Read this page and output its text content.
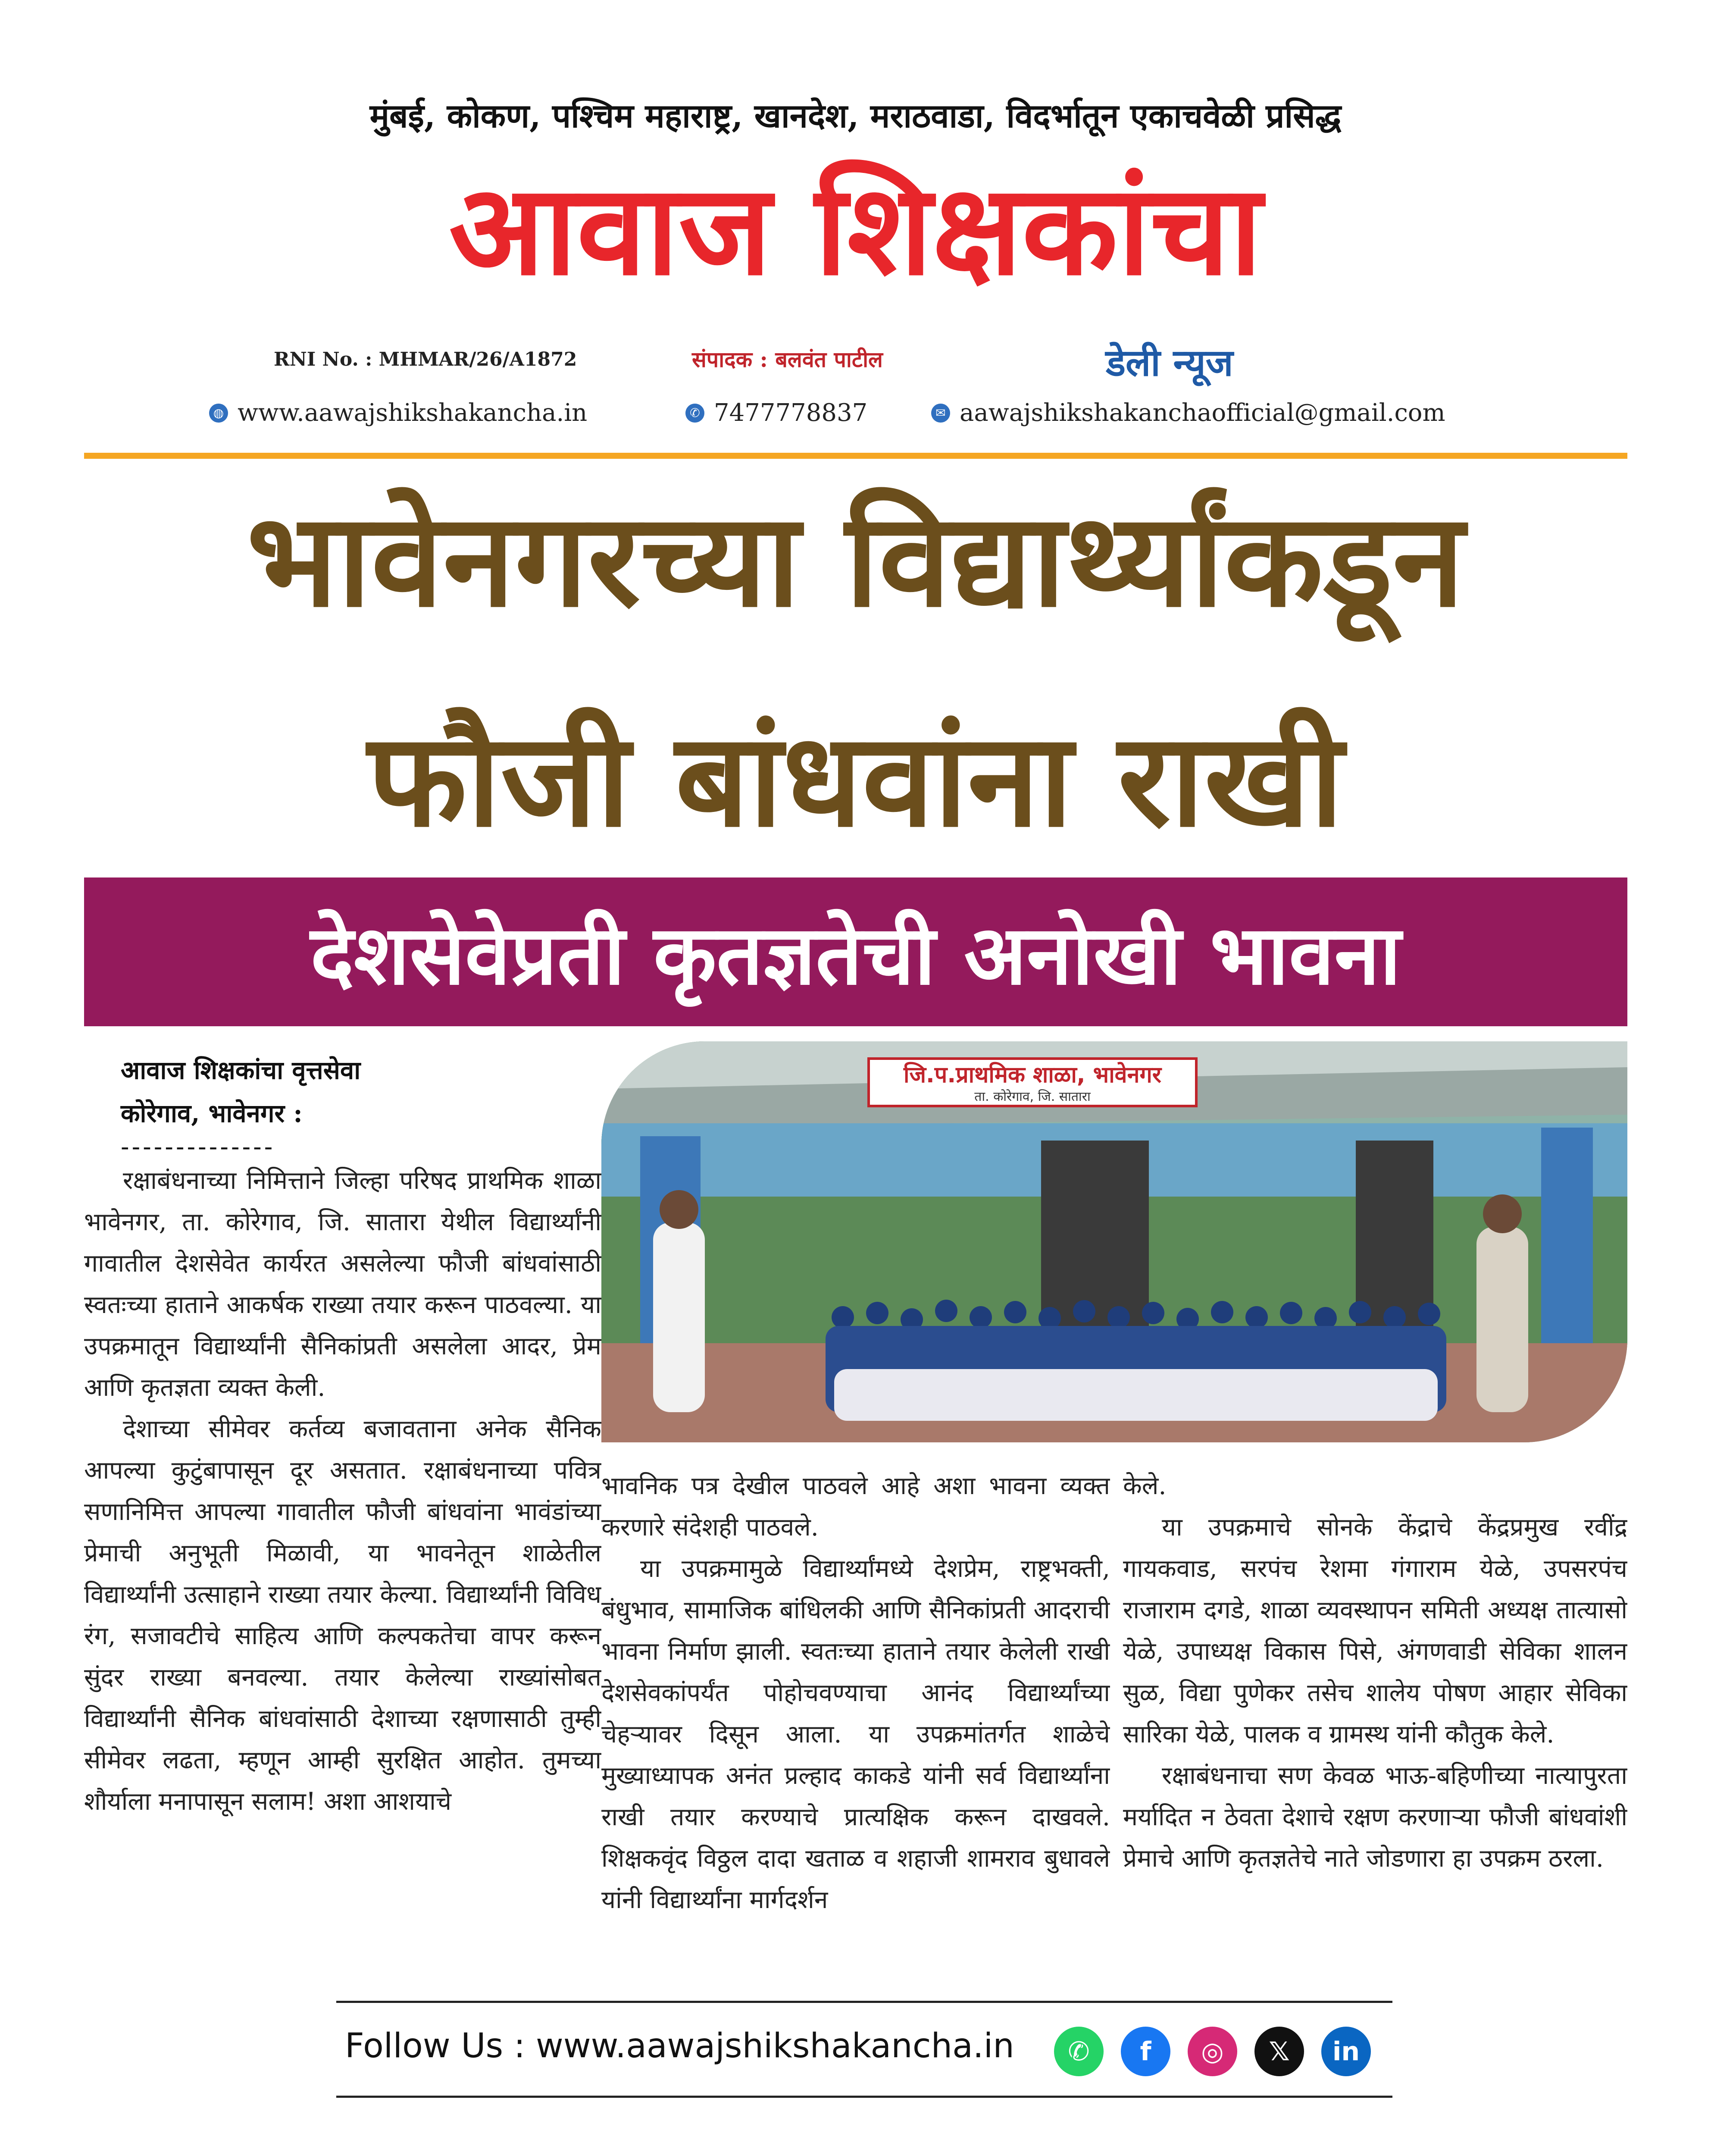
मुंबई, कोकण, पश्चिम महाराष्ट्र, खानदेश, मराठवाडा, विदर्भातून एकाचवेळी प्रसिद्ध
आवाज शिक्षकांचा
RNI No. : MHMAR/26/A1872	संपादक : बलवंत पाटील	डेली न्यूज
◍ www.aawajshikshakancha.in	✆ 7477778837	✉ aawajshikshakanchaofficial@gmail.com
भावेनगरच्या विद्यार्थ्यांकडून
फौजी बांधवांना राखी
देशसेवेप्रती कृतज्ञतेची अनोखी भावना
आवाज शिक्षकांचा वृत्तसेवा
कोरेगाव, भावेनगर :
--------------
जि.प.प्राथमिक शाळा, भावेनगर
ता. कोरेगाव, जि. सातारा

रक्षाबंधनाच्या निमित्ताने जिल्हा परिषद प्राथमिक शाळा भावेनगर, ता. कोरेगाव, जि. सातारा येथील विद्यार्थ्यांनी गावातील देशसेवेत कार्यरत असलेल्या फौजी बांधवांसाठी स्वतःच्या हाताने आकर्षक राख्या तयार करून पाठवल्या. या उपक्रमातून विद्यार्थ्यांनी सैनिकांप्रती असलेला आदर, प्रेम आणि कृतज्ञता व्यक्त केली.

देशाच्या सीमेवर कर्तव्य बजावताना अनेक सैनिक आपल्या कुटुंबापासून दूर असतात. रक्षाबंधनाच्या पवित्र सणानिमित्त आपल्या गावातील फौजी बांधवांना भावंडांच्या प्रेमाची अनुभूती मिळावी, या भावनेतून शाळेतील विद्यार्थ्यांनी उत्साहाने राख्या तयार केल्या. विद्यार्थ्यांनी विविध रंग, सजावटीचे साहित्य आणि कल्पकतेचा वापर करून सुंदर राख्या बनवल्या. तयार केलेल्या राख्यांसोबत विद्यार्थ्यांनी सैनिक बांधवांसाठी देशाच्या रक्षणासाठी तुम्ही सीमेवर लढता, म्हणून आम्ही सुरक्षित आहोत. तुमच्या शौर्याला मनापासून सलाम! अशा आशयाचे

भावनिक पत्र देखील पाठवले आहे अशा भावना व्यक्त करणारे संदेशही पाठवले.

या उपक्रमामुळे विद्यार्थ्यांमध्ये देशप्रेम, राष्ट्रभक्ती, बंधुभाव, सामाजिक बांधिलकी आणि सैनिकांप्रती आदराची भावना निर्माण झाली. स्वतःच्या हाताने तयार केलेली राखी देशसेवकांपर्यंत पोहोचवण्याचा आनंद विद्यार्थ्यांच्या चेहऱ्यावर दिसून आला. या उपक्रमांतर्गत शाळेचे मुख्याध्यापक अनंत प्रल्हाद काकडे यांनी सर्व विद्यार्थ्यांना राखी तयार करण्याचे प्रात्यक्षिक करून दाखवले. शिक्षकवृंद विठ्ठल दादा खताळ व शहाजी शामराव बुधावले यांनी विद्यार्थ्यांना मार्गदर्शन

केले.

या उपक्रमाचे सोनके केंद्राचे केंद्रप्रमुख रवींद्र गायकवाड, सरपंच रेशमा गंगाराम येळे, उपसरपंच राजाराम दगडे, शाळा व्यवस्थापन समिती अध्यक्ष तात्यासो येळे, उपाध्यक्ष विकास पिसे, अंगणवाडी सेविका शालन सुळ, विद्या पुणेकर तसेच शालेय पोषण आहार सेविका सारिका येळे, पालक व ग्रामस्थ यांनी कौतुक केले.

रक्षाबंधनाचा सण केवळ भाऊ-बहिणीच्या नात्यापुरता मर्यादित न ठेवता देशाचे रक्षण करणाऱ्या फौजी बांधवांशी प्रेमाचे आणि कृतज्ञतेचे नाते जोडणारा हा उपक्रम ठरला.

Follow Us : www.aawajshikshakancha.in	✆	f	◎	𝕏	in
